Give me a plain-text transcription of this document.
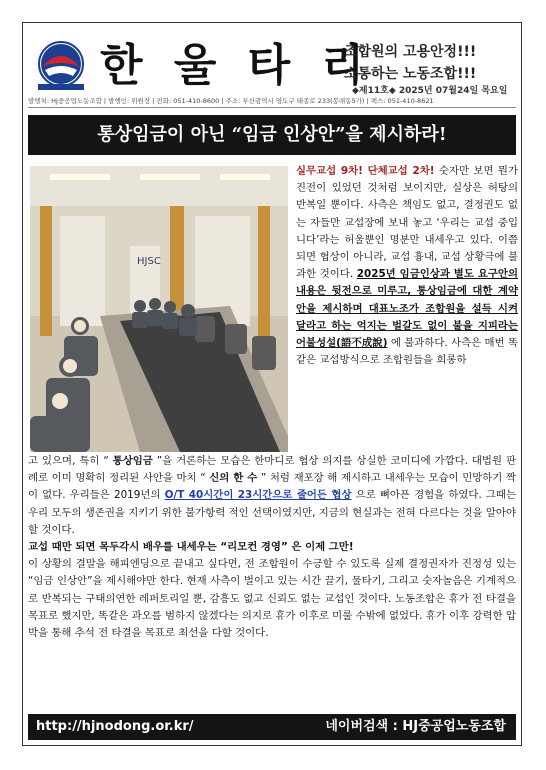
한 울 타 리
조합원의 고용안정!!!
소통하는 노동조합!!!
◆제11호◆ 2025년 07월24일 목요일
발행처: HJ중공업노동조합 | 발행인: 위원장 | 전화: 051-410-8600 | 주소: 부산광역시 영도구 태종로 233(봉래동5가) | 팩스: 051-410-8621
통상임금이 아닌 “임금 인상안”을 제시하라!
HJSC

실무교섭 9차! 단체교섭 2차! 숫자만 보면 뭔가 진전이 있었던 것처럼 보이지만, 실상은 허탕의 반복일 뿐이다. 사측은 책임도 없고, 결정권도 없는 자들만 교섭장에 보내 놓고 ‘우리는 교섭 중입니다’라는 허울뿐인 명분만 내세우고 있다. 이쯤 되면 협상이 아니라, 교섭 흉내, 교섭 상황극에 불과한 것이다. 2025년 임금인상과 별도 요구안의 내용은 뒷전으로 미루고, 통상임금에 대한 계약 안을 제시하며 대표노조가 조합원을 설득 시켜 달라고 하는 억지는 벌갈도 없이 불을 지피라는 어불성설(語不成說) 에 불과하다. 사측은 매번 똑같은 교섭방식으로 조합원들을 희롱하

고 있으며, 특히 “ 통상임금 ”을 거론하는 모습은 한마디로 협상 의지를 상실한 코미디에 가깝다. 대법원 판례로 이미 명확히 정리된 사안을 마치 “ 신의 한 수 ” 처럼 재포장 해 제시하고 내세우는 모습이 민망하기 짝이 없다. 우리들은 2019년의 O/T 40시간이 23시간으로 줄어든 협상 으로 뼈아픈 경험을 하였다. 그때는 우리 모두의 생존권을 지키기 위한 불가항력 적인 선택이였지만, 지금의 현실과는 전혀 다르다는 것을 알아야 할 것이다.

교섭 때만 되면 목두각시 배우를 내세우는 “리모컨 경영” 은 이제 그만!

이 상황의 결말을 해피엔딩으로 끝내고 싶다면, 전 조합원이 수긍할 수 있도록 실제 결정권자가 진정성 있는 “임금 인상안”을 제시해야만 한다. 현재 사측이 벌이고 있는 시간 끌기, 물타기, 그리고 숫자놀음은 기계적으로 반복되는 구태의연한 레퍼토리일 뿐, 감흥도 없고 신뢰도 없는 교섭인 것이다. 노동조합은 휴가 전 타결을 목표로 했지만, 똑같은 과오를 범하지 않겠다는 의지로 휴가 이후로 미룰 수밖에 없었다. 휴가 이후 강력한 압박을 통해 추석 전 타결을 목표로 최선을 다할 것이다.

http://hjnodong.or.kr/	네이버검색 : HJ중공업노동조합
